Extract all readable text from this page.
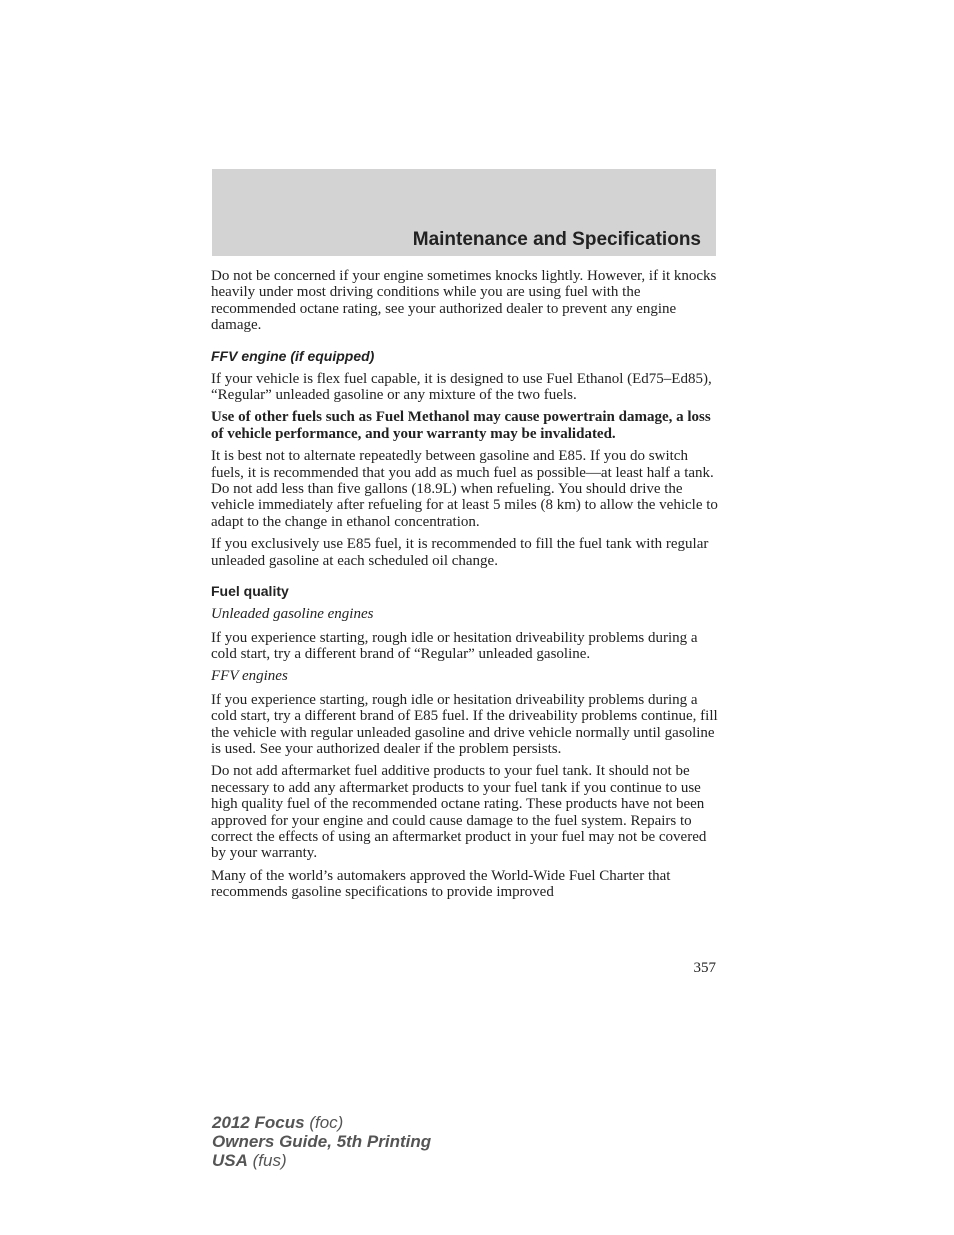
Maintenance and Specifications

Do not be concerned if your engine sometimes knocks lightly. However, if it knocks heavily under most driving conditions while you are using fuel with the recommended octane rating, see your authorized dealer to prevent any engine damage.

FFV engine (if equipped)

If your vehicle is flex fuel capable, it is designed to use Fuel Ethanol (Ed75–Ed85), “Regular” unleaded gasoline or any mixture of the two fuels.

Use of other fuels such as Fuel Methanol may cause powertrain damage, a loss of vehicle performance, and your warranty may be invalidated.

It is best not to alternate repeatedly between gasoline and E85. If you do switch fuels, it is recommended that you add as much fuel as possible—at least half a tank. Do not add less than five gallons (18.9L) when refueling. You should drive the vehicle immediately after refueling for at least 5 miles (8 km) to allow the vehicle to adapt to the change in ethanol concentration.

If you exclusively use E85 fuel, it is recommended to fill the fuel tank with regular unleaded gasoline at each scheduled oil change.

Fuel quality

Unleaded gasoline engines

If you experience starting, rough idle or hesitation driveability problems during a cold start, try a different brand of “Regular” unleaded gasoline.

FFV engines

If you experience starting, rough idle or hesitation driveability problems during a cold start, try a different brand of E85 fuel. If the driveability problems continue, fill the vehicle with regular unleaded gasoline and drive vehicle normally until gasoline is used. See your authorized dealer if the problem persists.

Do not add aftermarket fuel additive products to your fuel tank. It should not be necessary to add any aftermarket products to your fuel tank if you continue to use high quality fuel of the recommended octane rating. These products have not been approved for your engine and could cause damage to the fuel system. Repairs to correct the effects of using an aftermarket product in your fuel may not be covered by your warranty.

Many of the world’s automakers approved the World-Wide Fuel Charter that recommends gasoline specifications to provide improved

357
2012 Focus (foc)
Owners Guide, 5th Printing
USA (fus)
